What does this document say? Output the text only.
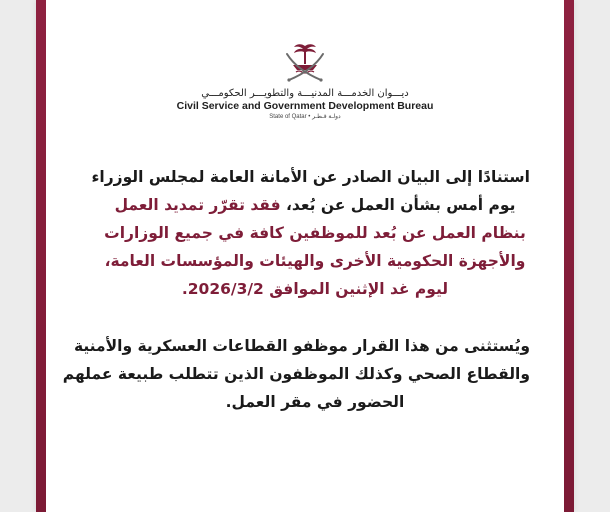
ديـــوان الخدمـــة المدنيـــة والتطويـــر الحكومـــي
Civil Service and Government Development Bureau
State of Qatar • دولـة قـطـر
استنادًا إلى البيان الصادر عن الأمانة العامة لمجلس الوزراء
يوم أمس بشأن العمل عن بُعد، فقد تقرّر تمديد العمل
بنظام العمل عن بُعد للموظفين كافة في جميع الوزارات
والأجهزة الحكومية الأخرى والهيئات والمؤسسات العامة،
ليوم غد الإثنين الموافق 2026/3/2.
ويُستثنى من هذا القرار موظفو القطاعات العسكرية والأمنية
والقطاع الصحي وكذلك الموظفون الذين تتطلب طبيعة عملهم
الحضور في مقر العمل.
